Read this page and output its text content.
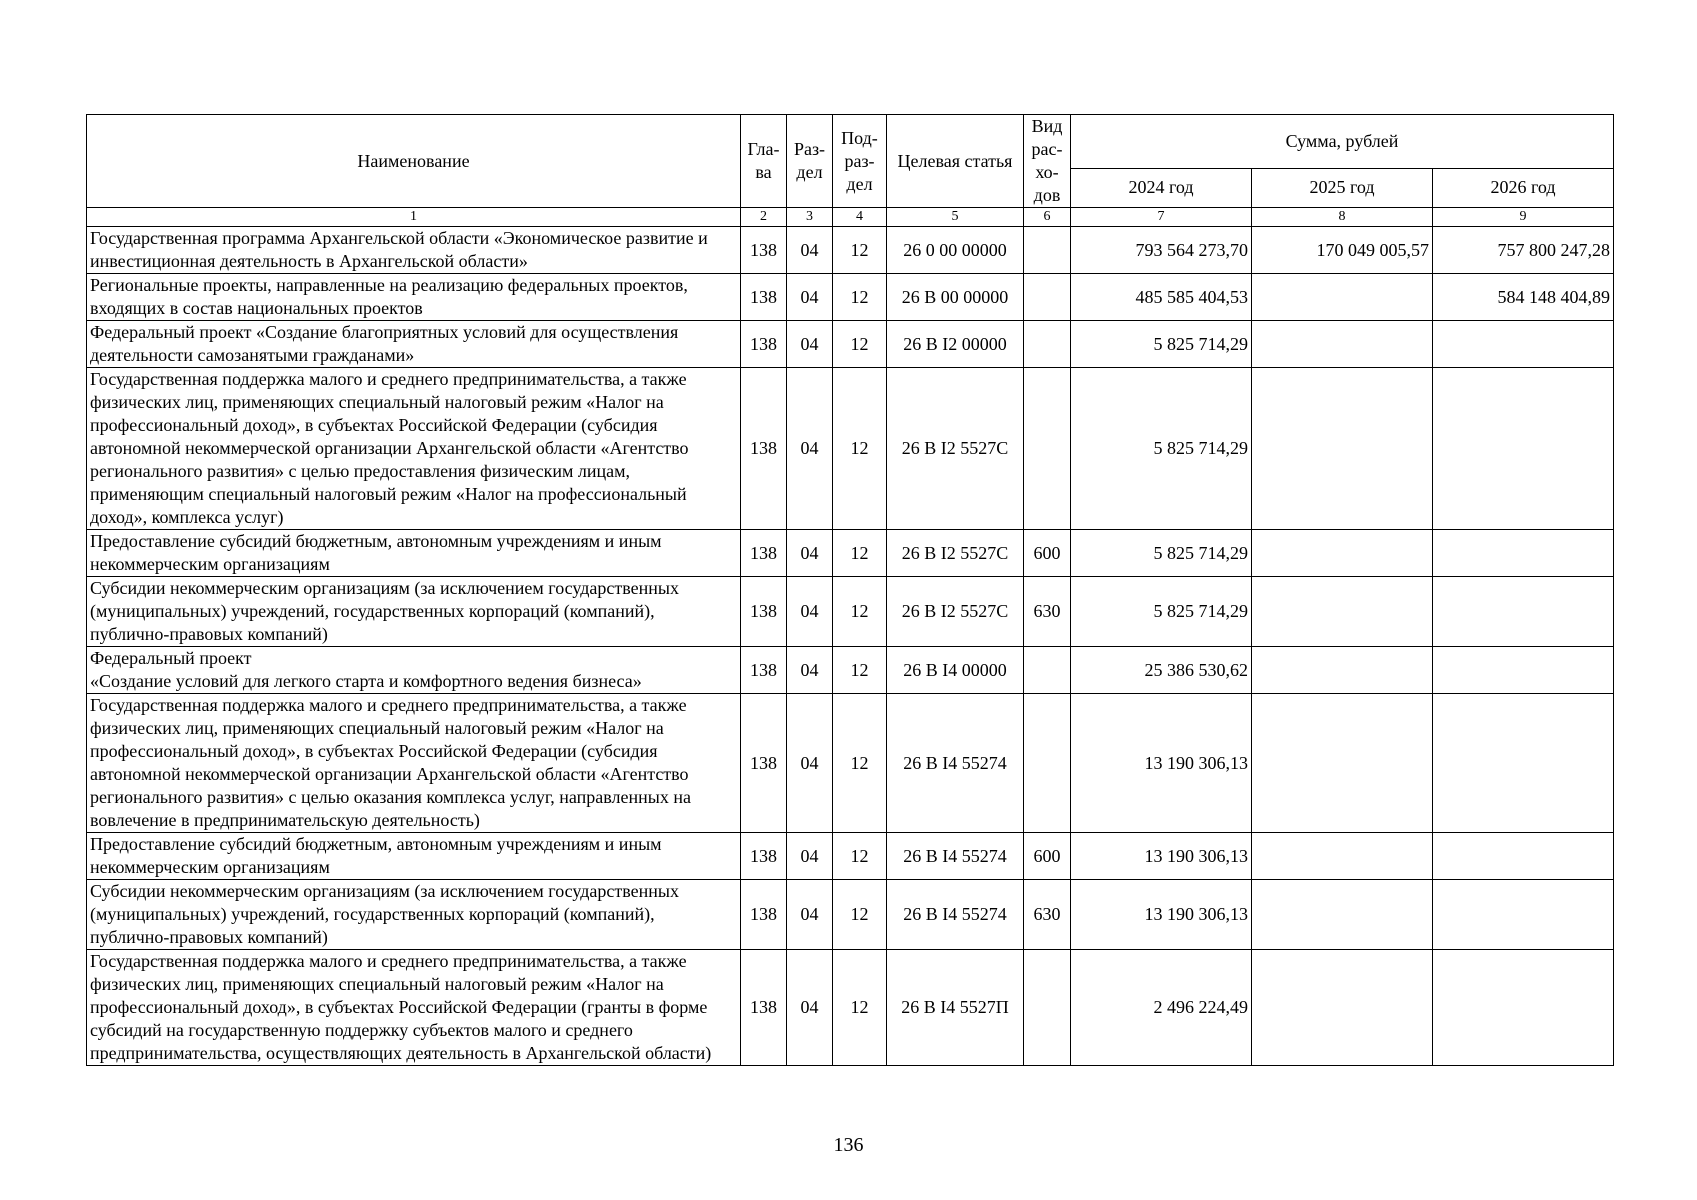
Наименование	Гла-ва	Раз-дел	Под-раз-дел	Целевая статья	Вид рас-хо-дов	Сумма, рублей		
						2024 год	2025 год	2026 год
1	2	3	4	5	6	7	8	9
Государственная программа Архангельской области «Экономическое развитие и инвестиционная деятельность в Архангельской области»	138	04	12	26 0 00 00000		793 564 273,70	170 049 005,57	757 800 247,28
Региональные проекты, направленные на реализацию федеральных проектов, входящих в состав национальных проектов	138	04	12	26 В 00 00000		485 585 404,53		584 148 404,89
Федеральный проект «Создание благоприятных условий для осуществления деятельности самозанятыми гражданами»	138	04	12	26 В I2 00000		5 825 714,29		
Государственная поддержка малого и среднего предпринимательства, а также физических лиц, применяющих специальный налоговый режим «Налог на профессиональный доход», в субъектах Российской Федерации (субсидия автономной некоммерческой организации Архангельской области «Агентство регионального развития» с целью предоставления физическим лицам, применяющим специальный налоговый режим «Налог на профессиональный доход», комплекса услуг)	138	04	12	26 В I2 5527С		5 825 714,29		
Предоставление субсидий бюджетным, автономным учреждениям и иным некоммерческим организациям	138	04	12	26 В I2 5527С	600	5 825 714,29		
Субсидии некоммерческим организациям (за исключением государственных (муниципальных) учреждений, государственных корпораций (компаний), публично-правовых компаний)	138	04	12	26 В I2 5527С	630	5 825 714,29		
Федеральный проект
«Создание условий для легкого старта и комфортного ведения бизнеса»	138	04	12	26 В I4 00000		25 386 530,62		
Государственная поддержка малого и среднего предпринимательства, а также физических лиц, применяющих специальный налоговый режим «Налог на профессиональный доход», в субъектах Российской Федерации (субсидия автономной некоммерческой организации Архангельской области «Агентство регионального развития» с целью оказания комплекса услуг, направленных на вовлечение в предпринимательскую деятельность)	138	04	12	26 В I4 55274		13 190 306,13		
Предоставление субсидий бюджетным, автономным учреждениям и иным некоммерческим организациям	138	04	12	26 В I4 55274	600	13 190 306,13		
Субсидии некоммерческим организациям (за исключением государственных (муниципальных) учреждений, государственных корпораций (компаний), публично-правовых компаний)	138	04	12	26 В I4 55274	630	13 190 306,13		
Государственная поддержка малого и среднего предпринимательства, а также физических лиц, применяющих специальный налоговый режим «Налог на профессиональный доход», в субъектах Российской Федерации (гранты в форме субсидий на государственную поддержку субъектов малого и среднего предпринимательства, осуществляющих деятельность в Архангельской области)	138	04	12	26 В I4 5527П		2 496 224,49		
136
